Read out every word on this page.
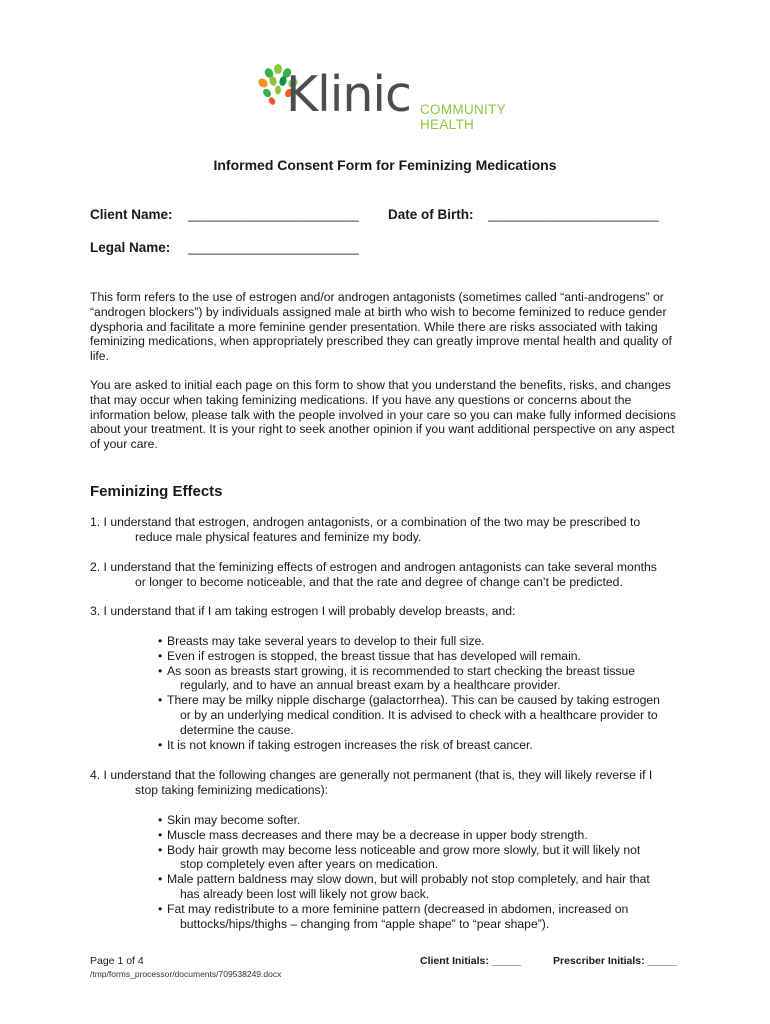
Klinic COMMUNITY
HEALTH
Informed Consent Form for Feminizing Medications
Client Name: _______________________ Date of Birth: _______________________
Legal Name: _______________________
This form refers to the use of estrogen and/or androgen antagonists (sometimes called “anti-androgens” or “androgen blockers”) by individuals assigned male at birth who wish to become feminized to reduce gender dysphoria and facilitate a more feminine gender presentation. While there are risks associated with taking feminizing medications, when appropriately prescribed they can greatly improve mental health and quality of life.
You are asked to initial each page on this form to show that you understand the benefits, risks, and changes that may occur when taking feminizing medications. If you have any questions or concerns about the information below, please talk with the people involved in your care so you can make fully informed decisions about your treatment. It is your right to seek another opinion if you want additional perspective on any aspect of your care.
Feminizing Effects
1. I understand that estrogen, androgen antagonists, or a combination of the two may be prescribed to
reduce male physical features and feminize my body.
2. I understand that the feminizing effects of estrogen and androgen antagonists can take several months
or longer to become noticeable, and that the rate and degree of change can’t be predicted.
3. I understand that if I am taking estrogen I will probably develop breasts, and:
• Breasts may take several years to develop to their full size.
• Even if estrogen is stopped, the breast tissue that has developed will remain.
• As soon as breasts start growing, it is recommended to start checking the breast tissue
regularly, and to have an annual breast exam by a healthcare provider.
• There may be milky nipple discharge (galactorrhea). This can be caused by taking estrogen
or by an underlying medical condition. It is advised to check with a healthcare provider to
determine the cause.
• It is not known if taking estrogen increases the risk of breast cancer.
4. I understand that the following changes are generally not permanent (that is, they will likely reverse if I
stop taking feminizing medications):
• Skin may become softer.
• Muscle mass decreases and there may be a decrease in upper body strength.
• Body hair growth may become less noticeable and grow more slowly, but it will likely not
stop completely even after years on medication.
• Male pattern baldness may slow down, but will probably not stop completely, and hair that
has already been lost will likely not grow back.
• Fat may redistribute to a more feminine pattern (decreased in abdomen, increased on
buttocks/hips/thighs – changing from “apple shape” to “pear shape”).
Page 1 of 4
/tmp/forms_processor/documents/709538249.docx
Client Initials: _____	Prescriber Initials: _____
